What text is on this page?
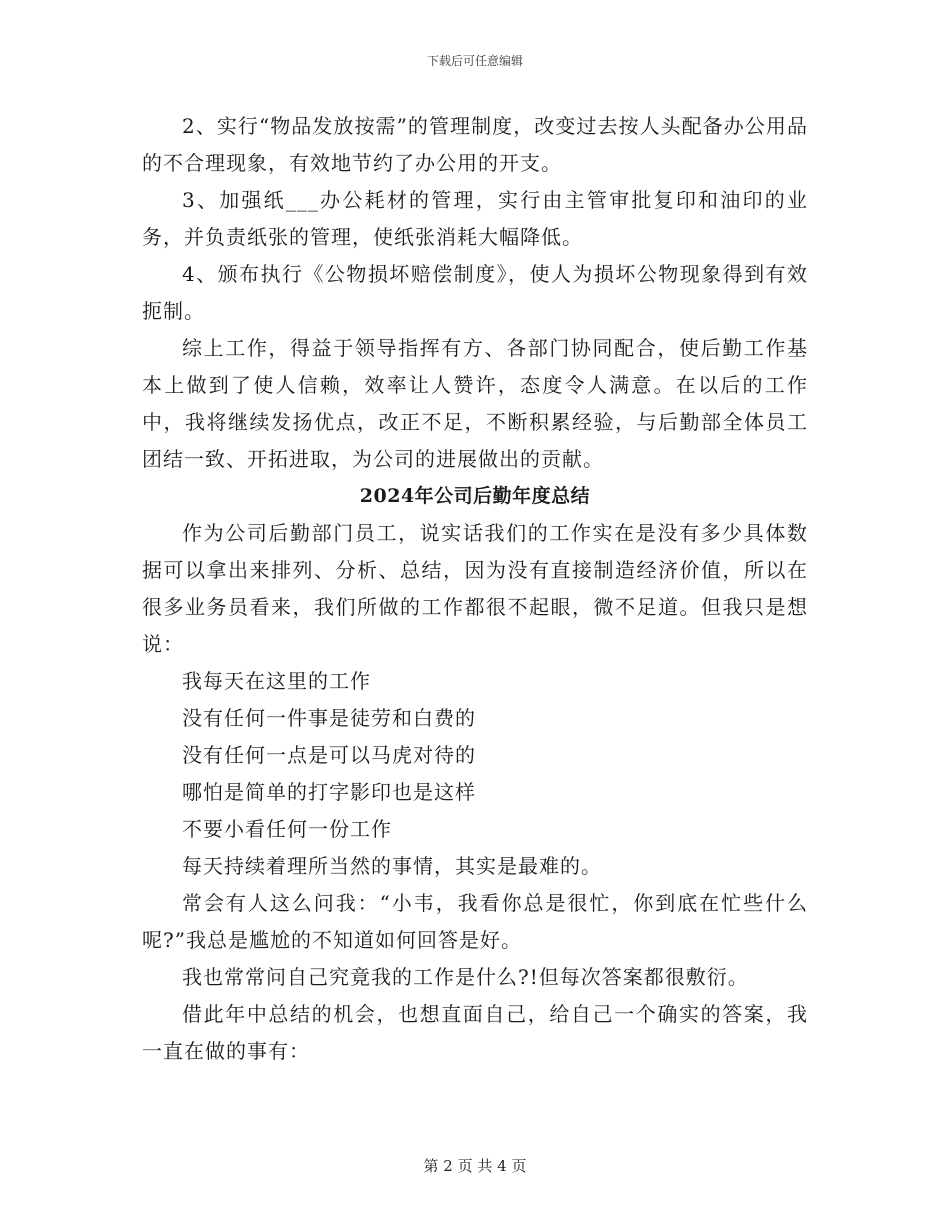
下载后可任意编辑

2、实行“物品发放按需”的管理制度，改变过去按人头配备办公用品的不合理现象，有效地节约了办公用的开支。

3、加强纸___办公耗材的管理，实行由主管审批复印和油印的业务，并负责纸张的管理，使纸张消耗大幅降低。

4、颁布执行《公物损坏赔偿制度》，使人为损坏公物现象得到有效扼制。

综上工作，得益于领导指挥有方、各部门协同配合，使后勤工作基本上做到了使人信赖，效率让人赞许，态度令人满意。在以后的工作中，我将继续发扬优点，改正不足，不断积累经验，与后勤部全体员工团结一致、开拓进取，为公司的进展做出的贡献。

2024年公司后勤年度总结

作为公司后勤部门员工，说实话我们的工作实在是没有多少具体数据可以拿出来排列、分析、总结，因为没有直接制造经济价值，所以在很多业务员看来，我们所做的工作都很不起眼，微不足道。但我只是想说：

我每天在这里的工作

没有任何一件事是徒劳和白费的

没有任何一点是可以马虎对待的

哪怕是简单的打字影印也是这样

不要小看任何一份工作

每天持续着理所当然的事情，其实是最难的。

常会有人这么问我：“小韦，我看你总是很忙，你到底在忙些什么呢?”我总是尴尬的不知道如何回答是好。

我也常常问自己究竟我的工作是什么?!但每次答案都很敷衍。

借此年中总结的机会，也想直面自己，给自己一个确实的答案，我一直在做的事有：

第 2 页 共 4 页
